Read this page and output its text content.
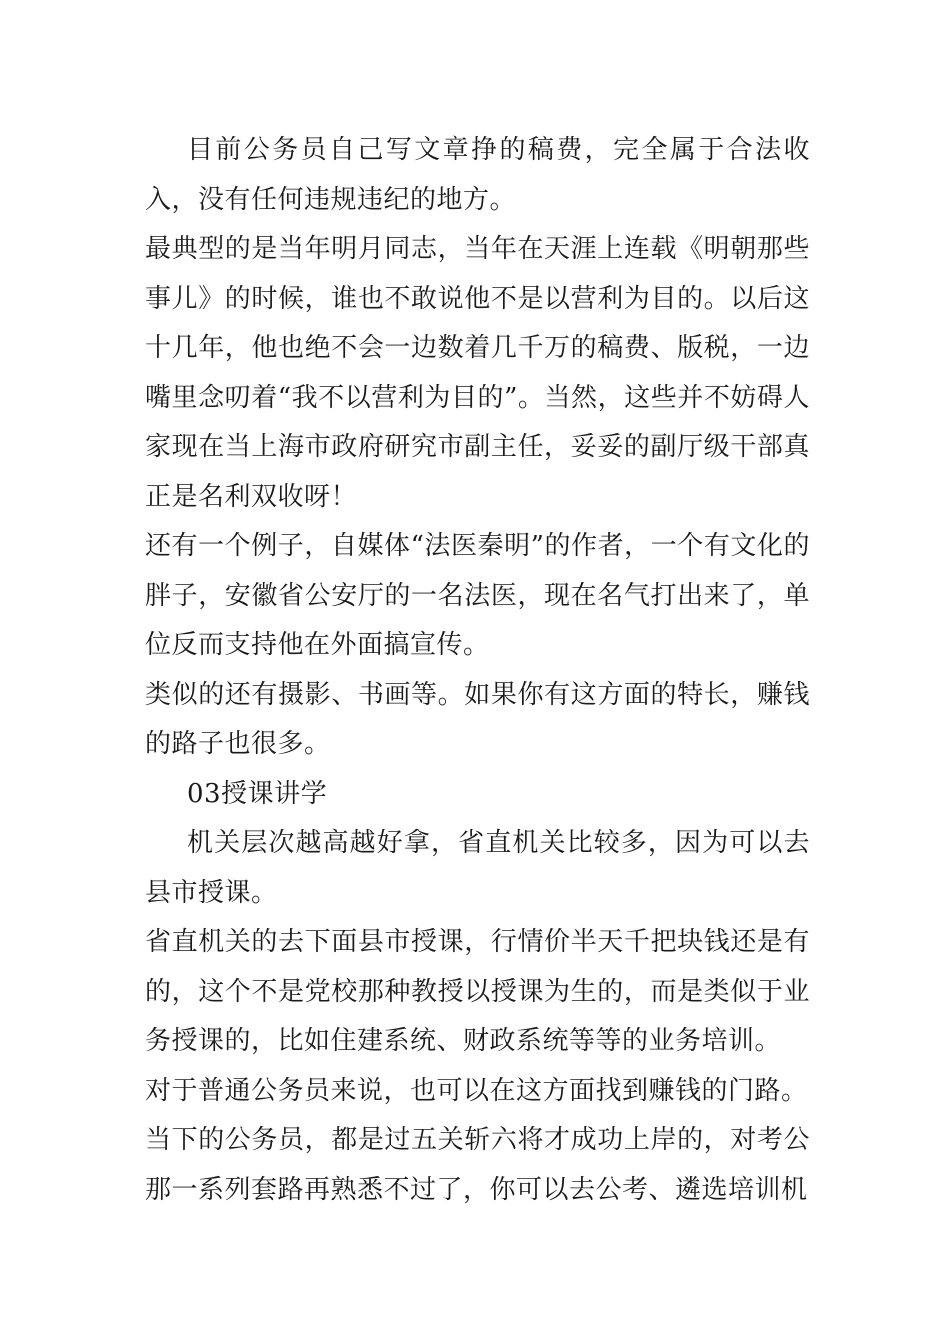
目前公务员自己写文章挣的稿费，完全属于合法收入，没有任何违规违纪的地方。

最典型的是当年明月同志，当年在天涯上连载《明朝那些事儿》的时候，谁也不敢说他不是以营利为目的。以后这十几年，他也绝不会一边数着几千万的稿费、版税，一边嘴里念叨着“我不以营利为目的”。当然，这些并不妨碍人家现在当上海市政府研究市副主任，妥妥的副厅级干部真正是名利双收呀！

还有一个例子，自媒体“法医秦明”的作者，一个有文化的胖子，安徽省公安厅的一名法医，现在名气打出来了，单位反而支持他在外面搞宣传。

类似的还有摄影、书画等。如果你有这方面的特长，赚钱的路子也很多。

03授课讲学

机关层次越高越好拿，省直机关比较多，因为可以去县市授课。

省直机关的去下面县市授课，行情价半天千把块钱还是有的，这个不是党校那种教授以授课为生的，而是类似于业务授课的，比如住建系统、财政系统等等的业务培训。

对于普通公务员来说，也可以在这方面找到赚钱的门路。

当下的公务员，都是过五关斩六将才成功上岸的，对考公那一系列套路再熟悉不过了，你可以去公考、遴选培训机
